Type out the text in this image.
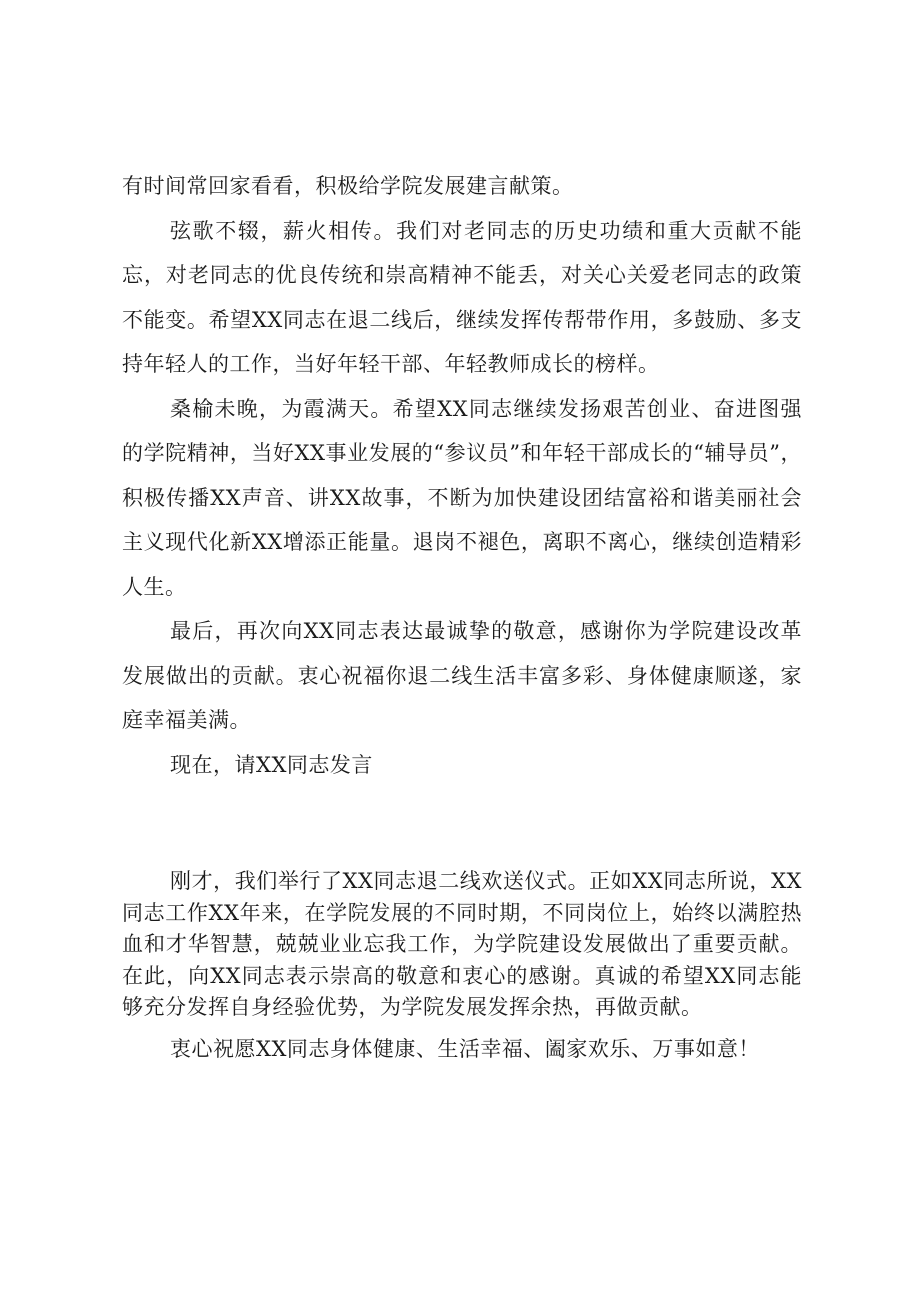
有时间常回家看看，积极给学院发展建言献策。

弦歌不辍，薪火相传。我们对老同志的历史功绩和重大贡献不能忘，对老同志的优良传统和崇高精神不能丢，对关心关爱老同志的政策不能变。希望XX同志在退二线后，继续发挥传帮带作用，多鼓励、多支持年轻人的工作，当好年轻干部、年轻教师成长的榜样。

桑榆未晚，为霞满天。希望XX同志继续发扬艰苦创业、奋进图强的学院精神，当好XX事业发展的“参议员”和年轻干部成长的“辅导员”，积极传播XX声音、讲XX故事，不断为加快建设团结富裕和谐美丽社会主义现代化新XX增添正能量。退岗不褪色，离职不离心，继续创造精彩人生。

最后，再次向XX同志表达最诚挚的敬意，感谢你为学院建设改革发展做出的贡献。衷心祝福你退二线生活丰富多彩、身体健康顺遂，家庭幸福美满。

现在，请XX同志发言

刚才，我们举行了XX同志退二线欢送仪式。正如XX同志所说，XX同志工作XX年来，在学院发展的不同时期，不同岗位上，始终以满腔热血和才华智慧，兢兢业业忘我工作，为学院建设发展做出了重要贡献。在此，向XX同志表示崇高的敬意和衷心的感谢。真诚的希望XX同志能够充分发挥自身经验优势，为学院发展发挥余热，再做贡献。

衷心祝愿XX同志身体健康、生活幸福、阖家欢乐、万事如意！
